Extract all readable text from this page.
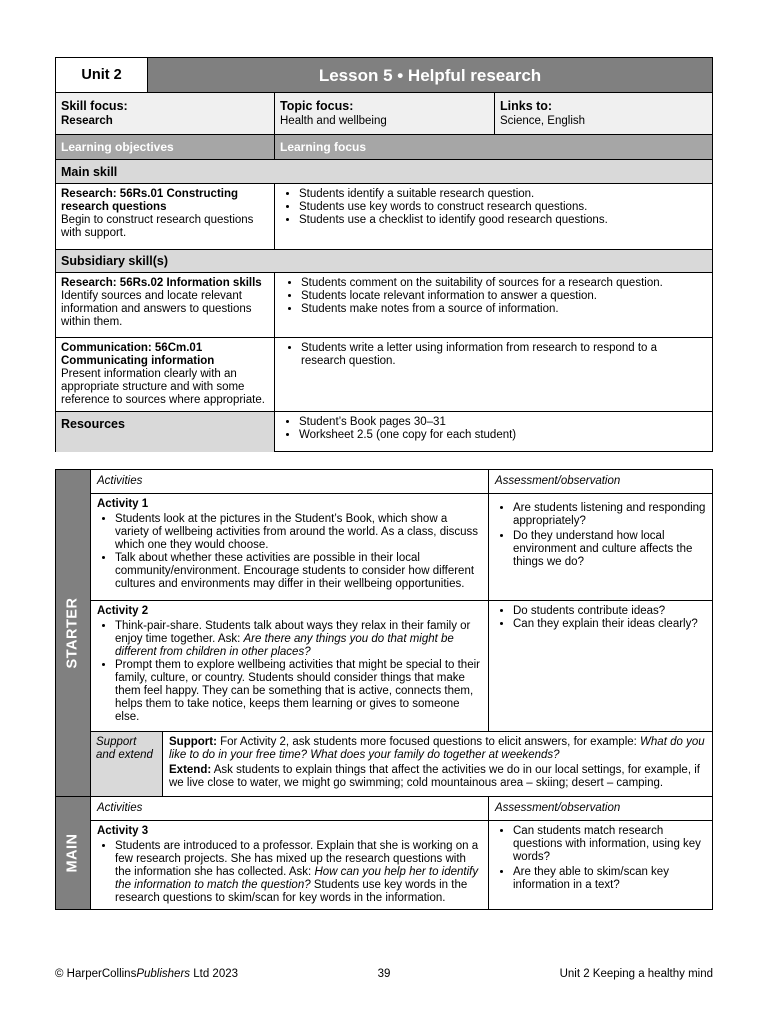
Unit 2	Lesson 5 • Helpful research
Skill focus:
Research
Topic focus:
Health and wellbeing
Links to:
Science, English
Learning objectives	Learning focus
Main skill
Research: 56Rs.01 Constructing research questions
Begin to construct research questions with support.
• Students identify a suitable research question.
• Students use key words to construct research questions.
• Students use a checklist to identify good research questions.
Subsidiary skill(s)
Research: 56Rs.02 Information skills
Identify sources and locate relevant information and answers to questions within them.
• Students comment on the suitability of sources for a research question.
• Students locate relevant information to answer a question.
• Students make notes from a source of information.
Communication: 56Cm.01 Communicating information
Present information clearly with an appropriate structure and with some reference to sources where appropriate.
• Students write a letter using information from research to respond to a research question.
Resources
•	Student’s Book pages 30–31
• Worksheet 2.5 (one copy for each student)
STARTER
MAIN
Activities	Assessment/observation
Activity 1
• Students look at the pictures in the Student’s Book, which show a variety of wellbeing activities from around the world. As a class, discuss which one they would choose.
• Talk about whether these activities are possible in their local community/environment. Encourage students to consider how different cultures and environments may differ in their wellbeing opportunities.
• Are students listening and responding appropriately?
• Do they understand how local environment and culture affects the things we do?
Activity 2
• Think-pair-share. Students talk about ways they relax in their family or enjoy time together. Ask: Are there any things you do that might be different from children in other places?
• Prompt them to explore wellbeing activities that might be special to their family, culture, or country. Students should consider things that make them feel happy. They can be something that is active, connects them, helps them to take notice, keeps them learning or gives to someone else.
• Do students contribute ideas?
• Can they explain their ideas clearly?
Support and extend
Support: For Activity 2, ask students more focused questions to elicit answers, for example: What do you like to do in your free time? What does your family do together at weekends?
Extend: Ask students to explain things that affect the activities we do in our local settings, for example, if we live close to water, we might go swimming; cold mountainous area – skiing; desert – camping.
Activities	Assessment/observation
Activity 3
• Students are introduced to a professor. Explain that she is working on a few research projects. She has mixed up the research questions with the information she has collected. Ask: How can you help her to identify the information to match the question? Students use key words in the research questions to skim/scan for key words in the information.
• Can students match research questions with information, using key words?
• Are they able to skim/scan key information in a text?
© HarperCollinsPublishers Ltd 2023	39	Unit 2 Keeping a healthy mind
